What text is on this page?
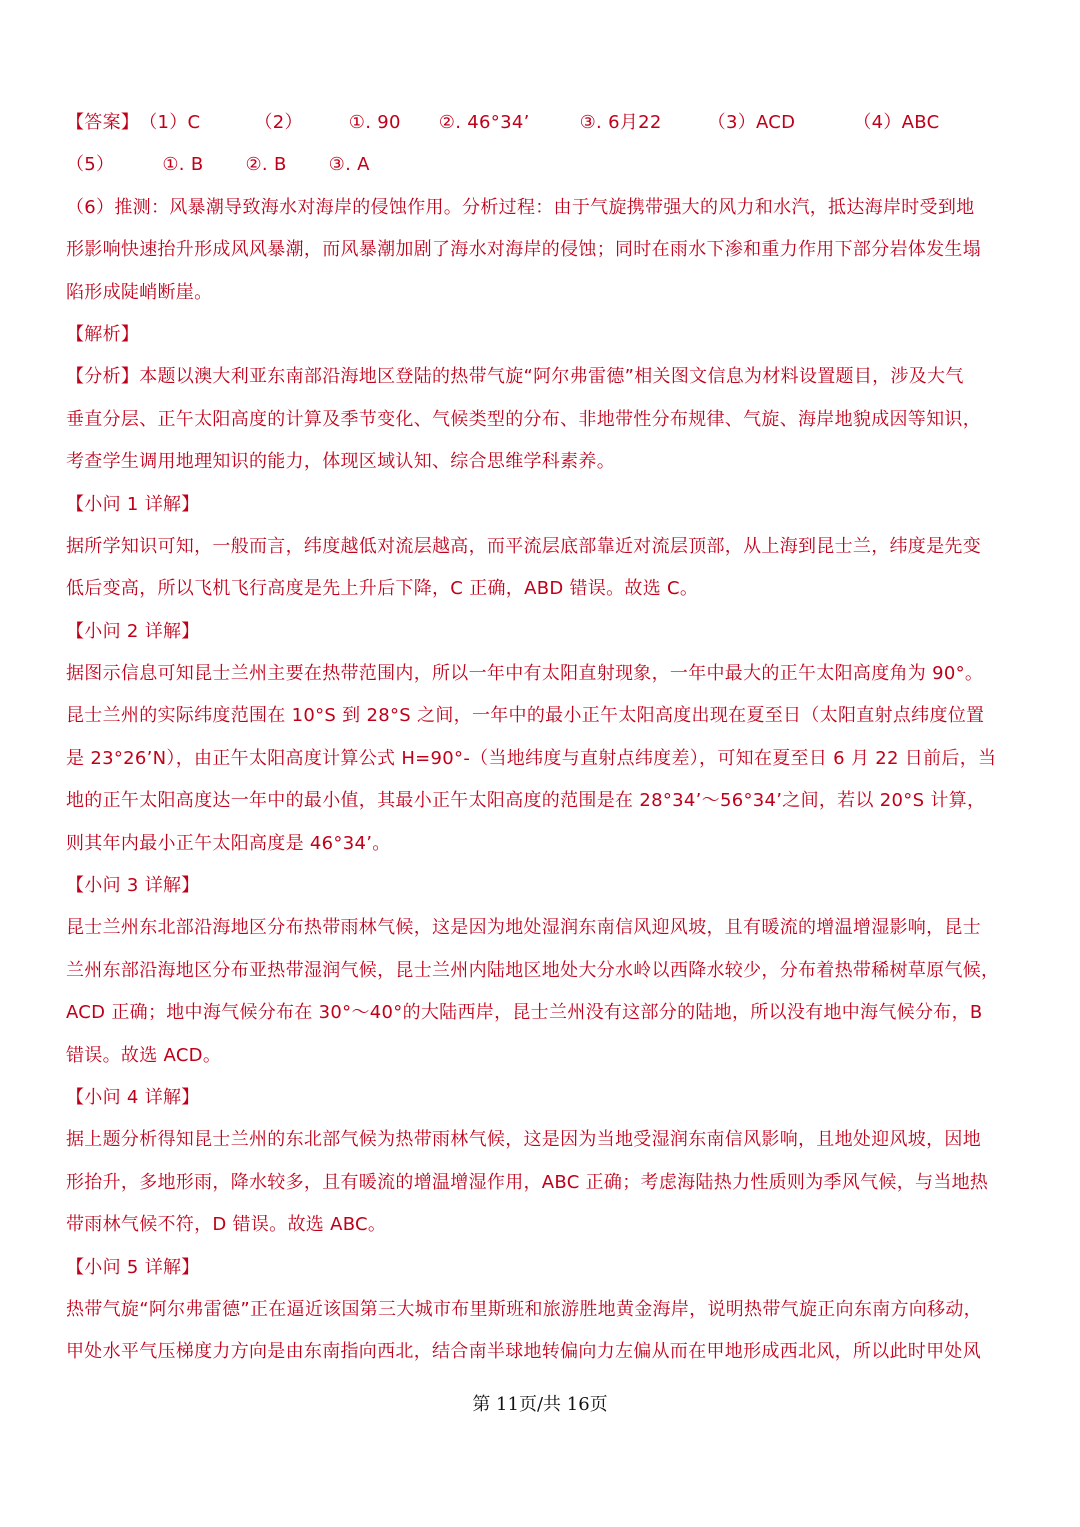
【答案】（1）C	（2）	①. 90 ②. 46°34’	③. 6月22	（3）ACD	（4）ABC
（5）	①. B ②. B ③. A
（6）推测：风暴潮导致海水对海岸的侵蚀作用。分析过程：由于气旋携带强大的风力和水汽，抵达海岸时受到地
形影响快速抬升形成风风暴潮，而风暴潮加剧了海水对海岸的侵蚀；同时在雨水下渗和重力作用下部分岩体发生塌
陷形成陡峭断崖。
【解析】
【分析】本题以澳大利亚东南部沿海地区登陆的热带气旋“阿尔弗雷德”相关图文信息为材料设置题目，涉及大气
垂直分层、正午太阳高度的计算及季节变化、气候类型的分布、非地带性分布规律、气旋、海岸地貌成因等知识，
考查学生调用地理知识的能力，体现区域认知、综合思维学科素养。
【小问 1 详解】
据所学知识可知，一般而言，纬度越低对流层越高，而平流层底部靠近对流层顶部，从上海到昆士兰，纬度是先变
低后变高，所以飞机飞行高度是先上升后下降，C 正确，ABD 错误。故选 C。
【小问 2 详解】
据图示信息可知昆士兰州主要在热带范围内，所以一年中有太阳直射现象，一年中最大的正午太阳高度角为 90°。
昆士兰州的实际纬度范围在 10°S 到 28°S 之间，一年中的最小正午太阳高度出现在夏至日（太阳直射点纬度位置
是 23°26’N），由正午太阳高度计算公式 H=90°-（当地纬度与直射点纬度差），可知在夏至日 6 月 22 日前后，当
地的正午太阳高度达一年中的最小值，其最小正午太阳高度的范围是在 28°34’～56°34’之间，若以 20°S 计算，
则其年内最小正午太阳高度是 46°34’。
【小问 3 详解】
昆士兰州东北部沿海地区分布热带雨林气候，这是因为地处湿润东南信风迎风坡，且有暖流的增温增湿影响，昆士
兰州东部沿海地区分布亚热带湿润气候，昆士兰州内陆地区地处大分水岭以西降水较少，分布着热带稀树草原气候，
ACD 正确；地中海气候分布在 30°～40°的大陆西岸，昆士兰州没有这部分的陆地，所以没有地中海气候分布，B
错误。故选 ACD。
【小问 4 详解】
据上题分析得知昆士兰州的东北部气候为热带雨林气候，这是因为当地受湿润东南信风影响，且地处迎风坡，因地
形抬升，多地形雨，降水较多，且有暖流的增温增湿作用，ABC 正确；考虑海陆热力性质则为季风气候，与当地热
带雨林气候不符，D 错误。故选 ABC。
【小问 5 详解】
热带气旋“阿尔弗雷德”正在逼近该国第三大城市布里斯班和旅游胜地黄金海岸，说明热带气旋正向东南方向移动，
甲处水平气压梯度力方向是由东南指向西北，结合南半球地转偏向力左偏从而在甲地形成西北风，所以此时甲处风
第 11页/共 16页
